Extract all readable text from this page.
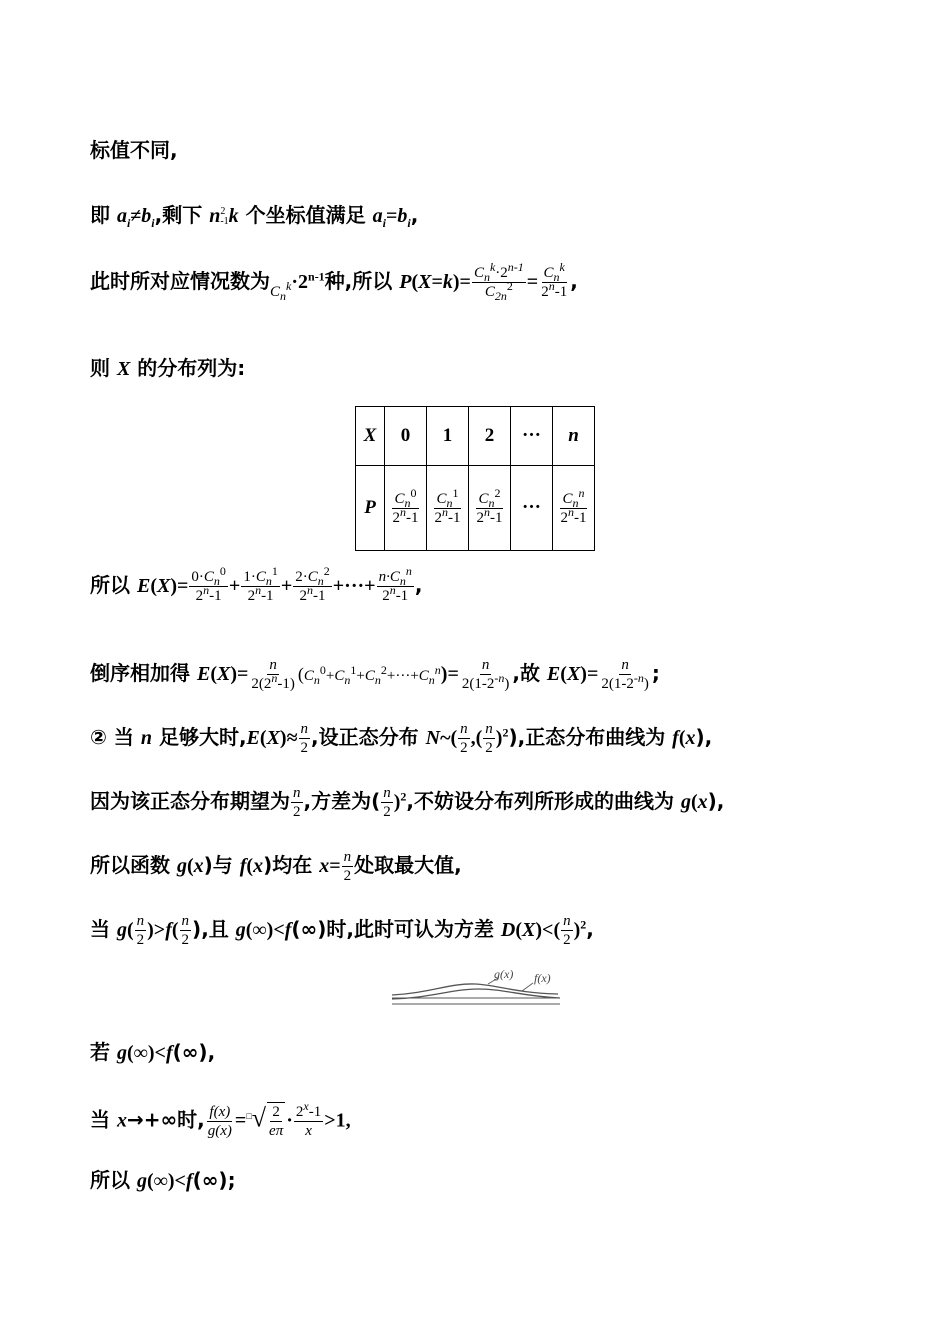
标值不同,
即 $a_i\ne b_i$,剩下 n 2
-1 k 个坐标值满足 $a_i=b_i$,
此时所对应情况数为$_{C_n^k}\cdot 2^{n-1}$种,所以 $P(X=k)= \frac{C_n^k\cdot 2^{n-1}}{C_{2n}^2} = \frac{C_n^k}{2^n-1}$ ,
则 X 的分布列为:
X	0	1	2	···	n
P	$\frac{C_n^0}{2^n-1}$	$\frac{C_n^1}{2^n-1}$	$\frac{C_n^2}{2^n-1}$	···	$\frac{C_n^n}{2^n-1}$
所以 $E(X)= \frac{0\cdot C_n^0}{2^n-1} + \frac{1\cdot C_n^1}{2^n-1} + \frac{2\cdot C_n^2}{2^n-1}$ +···+ $\frac{n\cdot C_n^n}{2^n-1}$ ,
倒序相加得 $E(X)= \frac{n}{2(2^n-1)} (C_n^0+C_n^1+C_n^2+\cdot\cdot\cdot+C_n^n)= \frac{n}{2(1-2^{-n})}$ ,故 $E(X)= \frac{n}{2(1-2^{-n})}$ ;
② 当 n 足够大时$,E(X)\approx \frac{n}{2}$ ,设正态分布 N~( $\frac{n}{2}$ ,( $\frac{n}{2} )^2$),正态分布曲线为 f(x),
因为该正态分布期望为 $\frac{n}{2}$ ,方差为( $\frac{n}{2} )^2$,不妨设分布列所形成的曲线为 g(x),
所以函数 g(x)与 f(x)均在 $x= \frac{n}{2}$ 处取最大值,
当 $g( \frac{n}{2} )>f( \frac{n}{2}$ ),且 g(∞)<f(∞)时,此时可认为方差 $D(X)<( \frac{n}{2} )^2$,
g(x) f(x)
若 g(∞)<f(∞),
当 x→+∞时, $\frac{f(x)}{g(x)} =^□√ \frac{2}{e\pi} \cdot \frac{2^x-1}{x} >1$,
所以 g(∞)<f(∞);
